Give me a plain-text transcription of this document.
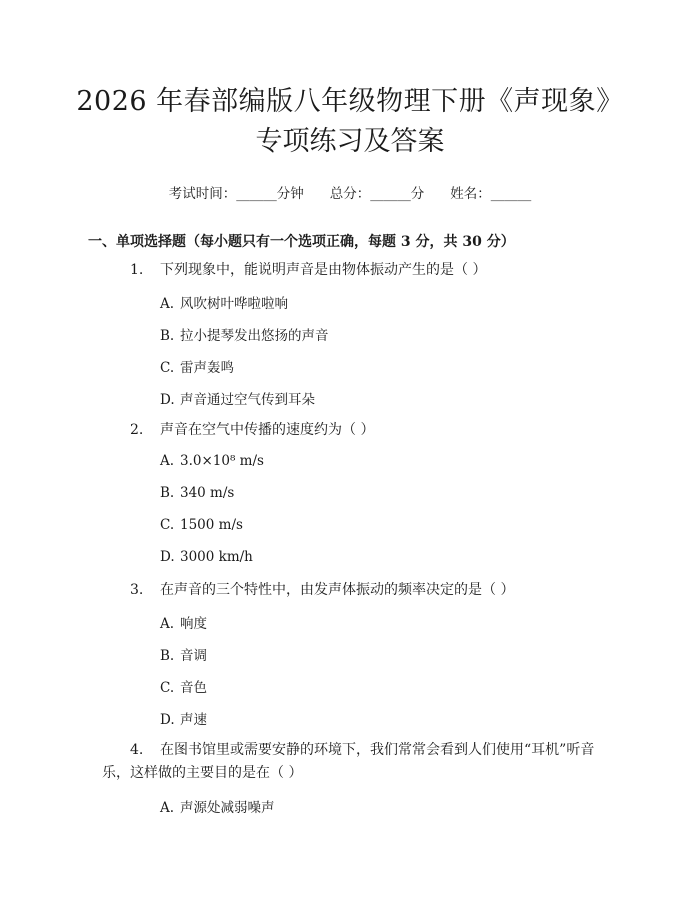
2026 年春部编版八年级物理下册《声现象》

专项练习及答案

考试时间：______分钟 总分：______分 姓名：______
一、单项选择题（每小题只有一个选项正确，每题 3 分，共 30 分）
1. 下列现象中，能说明声音是由物体振动产生的是（ ）
A. 风吹树叶哗啦啦响
B. 拉小提琴发出悠扬的声音
C. 雷声轰鸣
D. 声音通过空气传到耳朵
2. 声音在空气中传播的速度约为（ ）
A. 3.0×10⁸ m/s
B. 340 m/s
C. 1500 m/s
D. 3000 km/h
3. 在声音的三个特性中，由发声体振动的频率决定的是（ ）
A. 响度
B. 音调
C. 音色
D. 声速
4. 在图书馆里或需要安静的环境下，我们常常会看到人们使用“耳机”听音
乐，这样做的主要目的是在（ ）
A. 声源处减弱噪声
